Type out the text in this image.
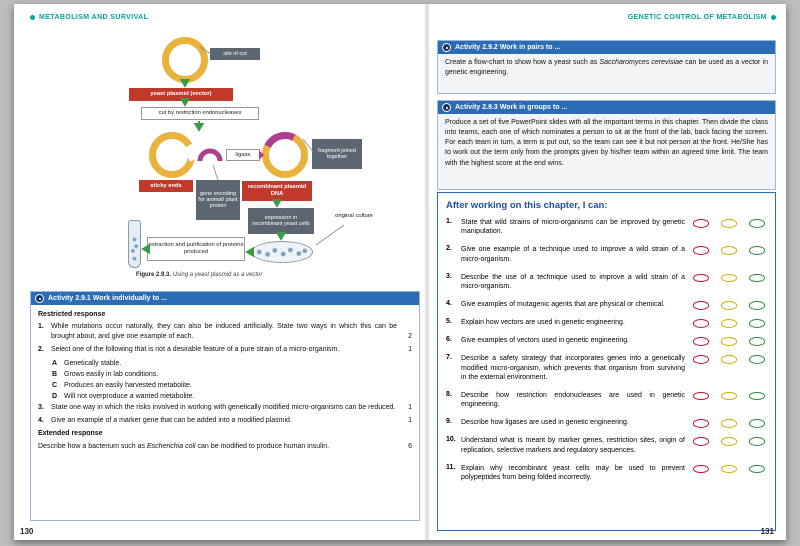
METABOLISM AND SURVIVAL
site of cut
yeast plasmid (vector)
cut by restriction endonucleases
ligase
fragment joined together
sticky ends
gene encoding for animal/ plant protein
recombinant plasmid DNA
expression in recombinant yeast cells
original culture
extraction and purification of proteins produced
Figure 2.9.3. Using a yeast plasmid as a vector
Activity 2.9.1 Work individually to ...
Restricted response
1.	While mutations occur naturally, they can also be induced artificially. State two ways in which this can be brought about, and give one example of each.	2
2.	Select one of the following that is not a desirable feature of a pure strain of a micro-organism.	1
A Genetically stable.
B Grows easily in lab conditions.
C Produces an easily harvested metabolite.
D Will not overproduce a wanted metabolite.
3.	State one way in which the risks involved in working with genetically modified micro-organisms can be reduced.	1
4.	Give an example of a marker gene that can be added into a modified plasmid.	1
Extended response
Describe how a bacterium such as Escherichia coli can be modified to produce human insulin.	6
130
GENETIC CONTROL OF METABOLISM
Activity 2.9.2 Work in pairs to ...
Create a flow-chart to show how a yeast such as Saccharomyces cerevisiae can be used as a vector in genetic engineering.
Activity 2.9.3 Work in groups to ...
Produce a set of five PowerPoint slides with all the important terms in this chapter. Then divide the class into teams, each one of which nominates a person to sit at the front of the lab, back facing the screen. For each team in turn, a term is put out, so the team can see it but not person at the front. He/She has to work out the term only from the prompts given by his/her team within an agreed time limit. The team with the highest score at the end wins.
After working on this chapter, I can:
1.	State that wild strains of micro-organisms can be improved by genetic manipulation.
2.	Give one example of a technique used to improve a wild strain of a micro-organism.
3.	Describe the use of a technique used to improve a wild strain of a micro-organism.
4.	Give examples of mutagenic agents that are physical or chemical.
5.	Explain how vectors are used in genetic engineering.
6.	Give examples of vectors used in genetic engineering.
7.	Describe a safety strategy that incorporates genes into a genetically modified micro-organism, which prevents that organism from surviving in the external environment.
8.	Describe how restriction endonucleases are used in genetic engineering.
9.	Describe how ligases are used in genetic engineering.
10. Understand what is meant by marker genes, restriction sites, origin of replication, selective markers and regulatory sequences.
11. Explain why recombinant yeast cells may be used to prevent polypeptides from being folded incorrectly.
131
